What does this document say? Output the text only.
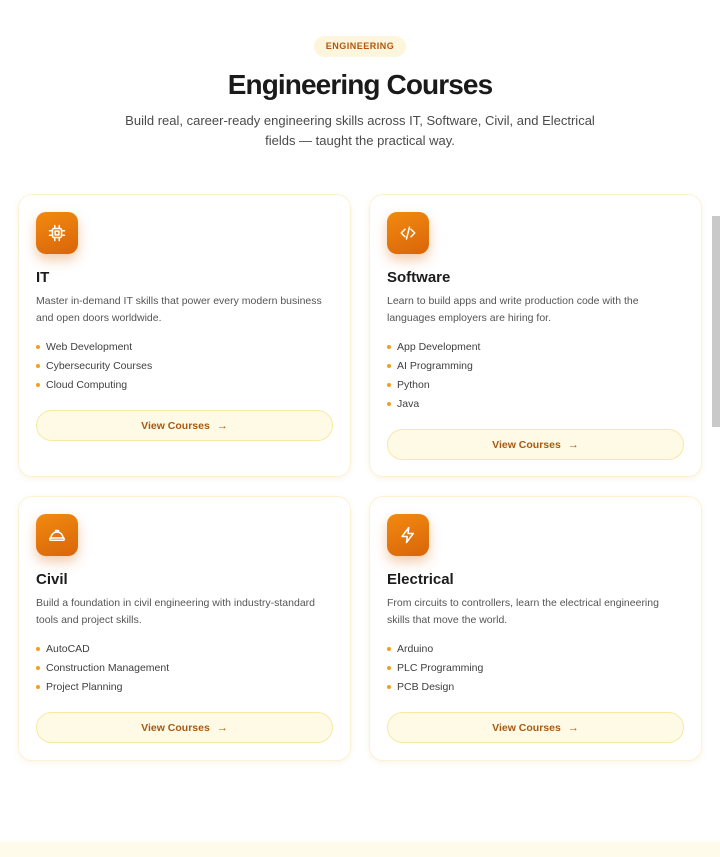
ENGINEERING
Engineering Courses

Build real, career-ready engineering skills across IT, Software, Civil, and Electrical fields — taught the practical way.

IT

Master in-demand IT skills that power every modern business and open doors worldwide.

Web Development
Cybersecurity Courses
Cloud Computing
View Courses →
Software

Learn to build apps and write production code with the languages employers are hiring for.

App Development
AI Programming
Python
Java
View Courses →
Civil

Build a foundation in civil engineering with industry-standard tools and project skills.

AutoCAD
Construction Management
Project Planning
View Courses →
Electrical

From circuits to controllers, learn the electrical engineering skills that move the world.

Arduino
PLC Programming
PCB Design
View Courses →
